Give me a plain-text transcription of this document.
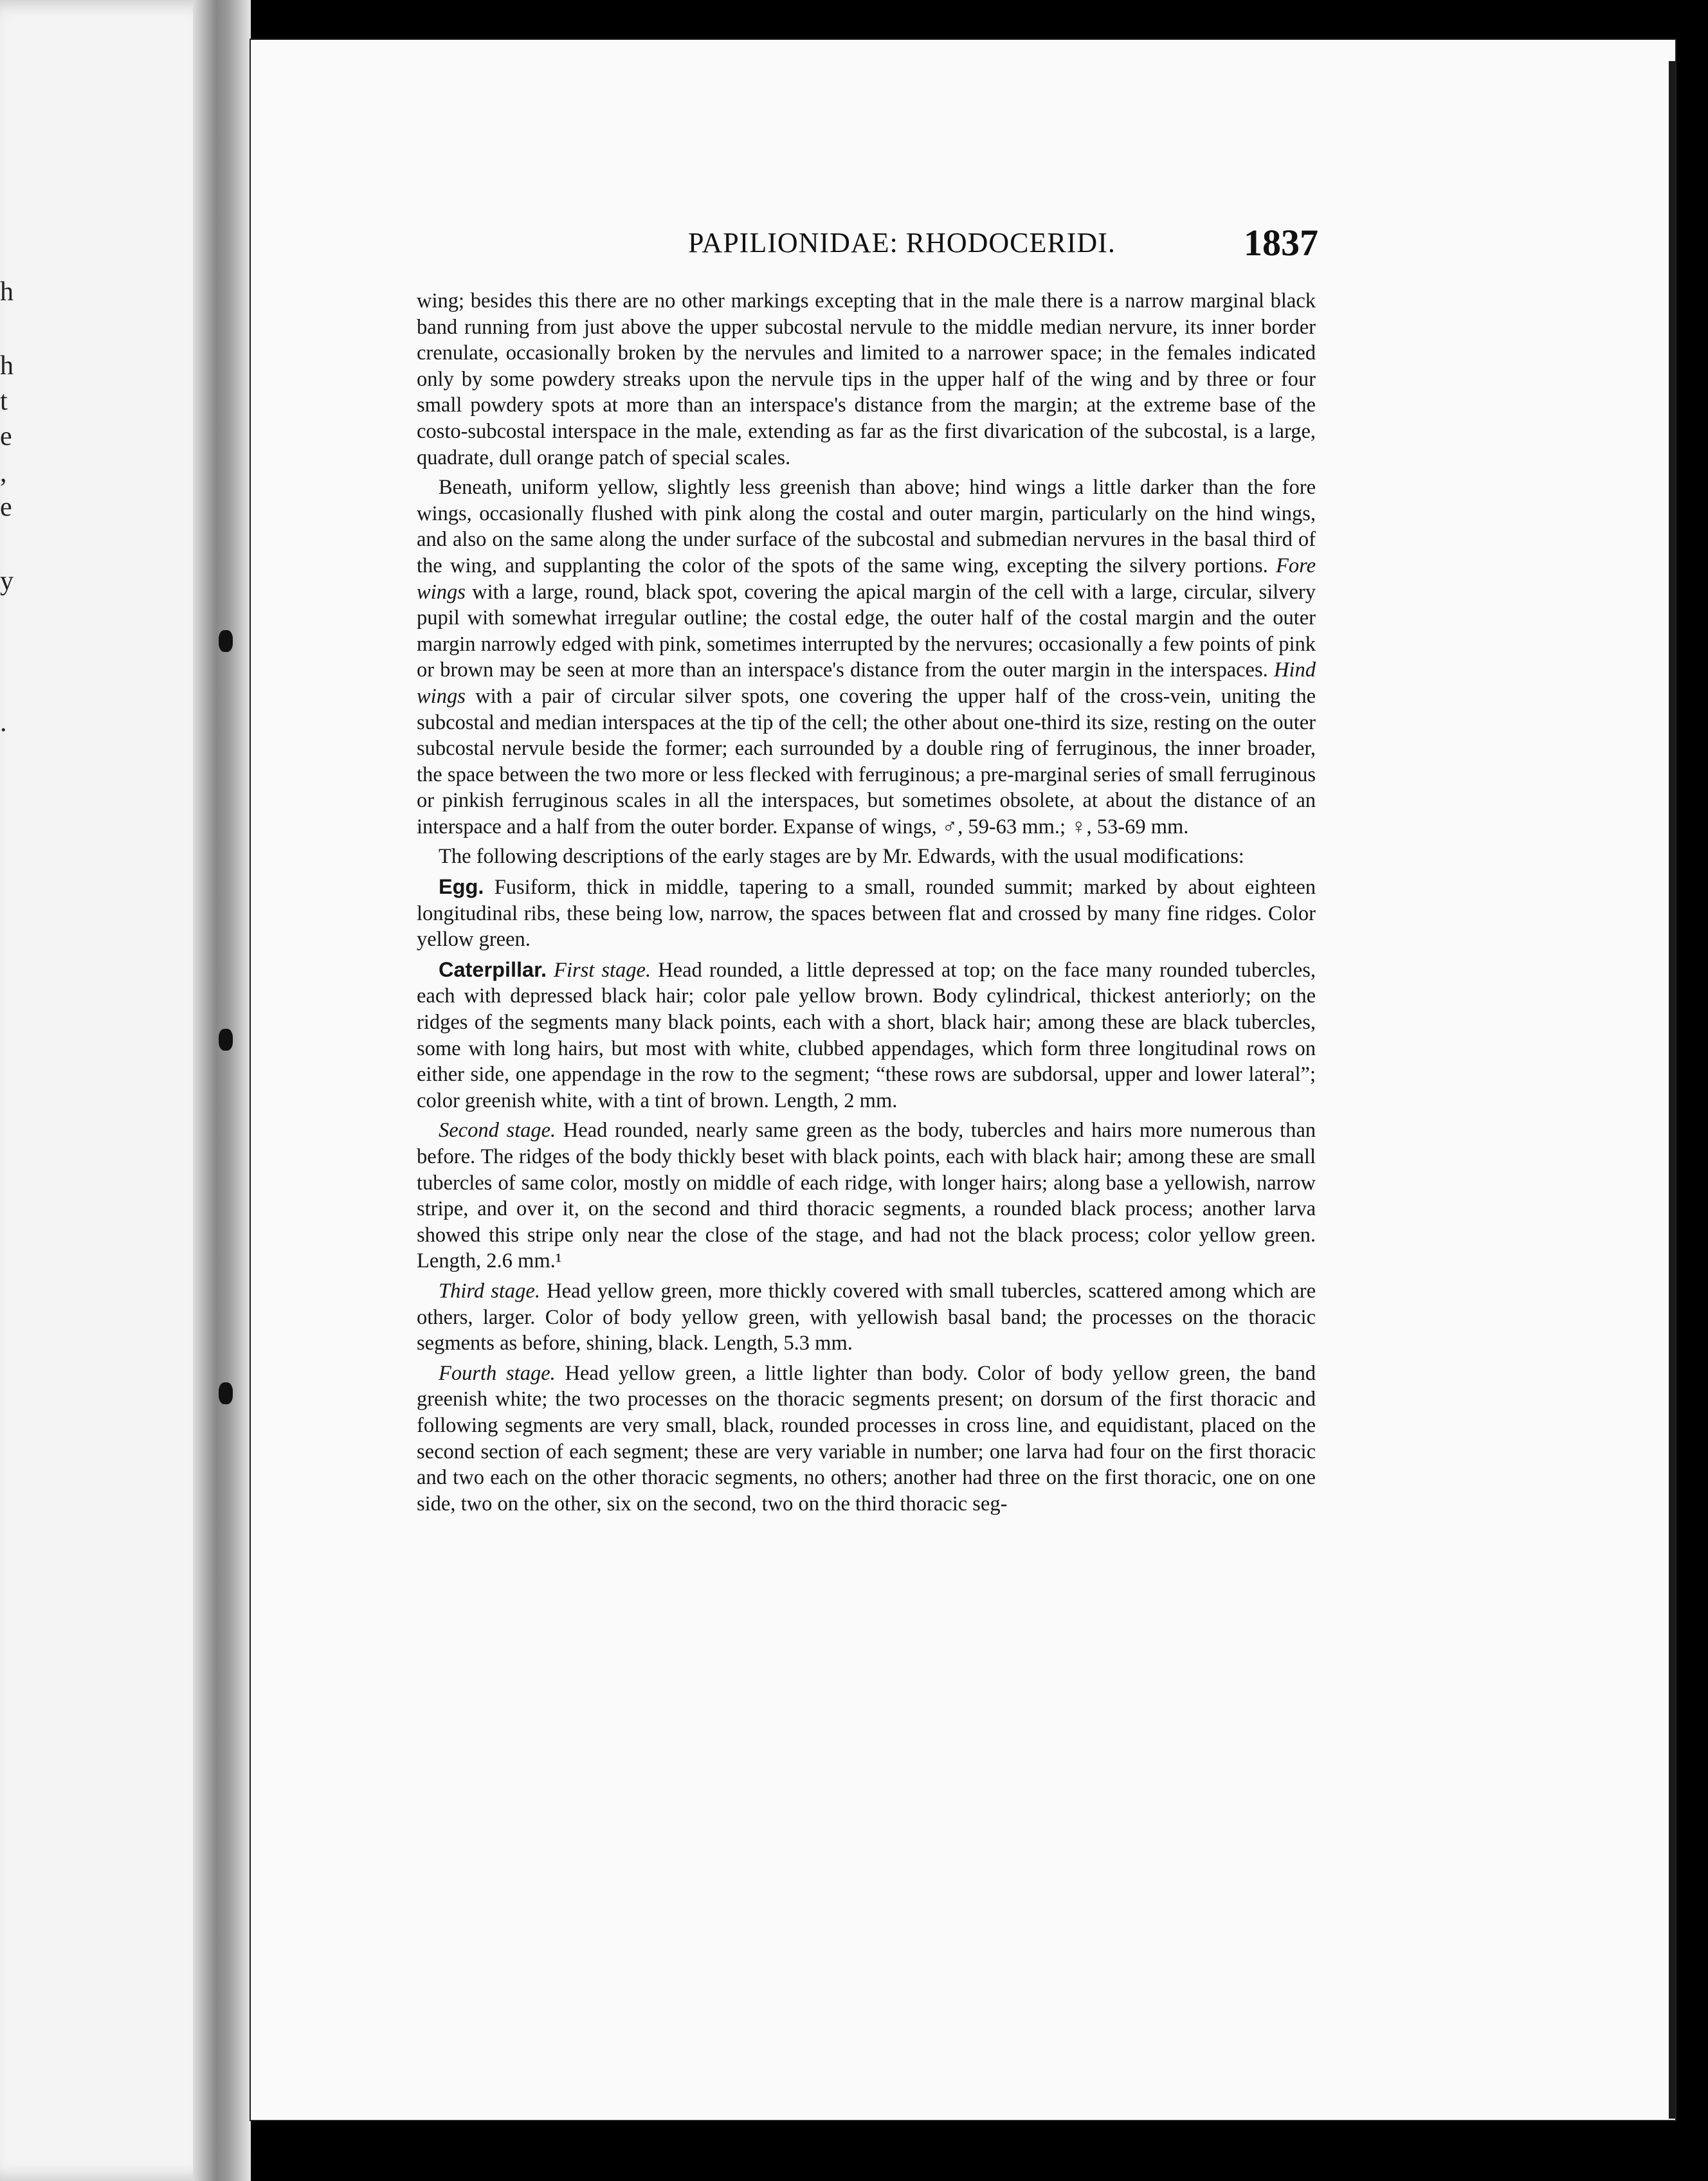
h
h
t
e
,
e
y
.
PAPILIONIDAE: RHODOCERIDI.	1837

wing; besides this there are no other markings excepting that in the male there is a narrow marginal black band running from just above the upper subcostal nervule to the middle median nervure, its inner border crenulate, occasionally broken by the nervules and limited to a narrower space; in the females indicated only by some powdery streaks upon the nervule tips in the upper half of the wing and by three or four small powdery spots at more than an interspace's distance from the margin; at the extreme base of the costo-subcostal interspace in the male, extending as far as the first divarication of the subcostal, is a large, quadrate, dull orange patch of special scales.

Beneath, uniform yellow, slightly less greenish than above; hind wings a little darker than the fore wings, occasionally flushed with pink along the costal and outer margin, particularly on the hind wings, and also on the same along the under surface of the subcostal and submedian nervures in the basal third of the wing, and supplanting the color of the spots of the same wing, excepting the silvery portions. Fore wings with a large, round, black spot, covering the apical margin of the cell with a large, circular, silvery pupil with somewhat irregular outline; the costal edge, the outer half of the costal margin and the outer margin narrowly edged with pink, sometimes interrupted by the nervures; occasionally a few points of pink or brown may be seen at more than an interspace's distance from the outer margin in the interspaces. Hind wings with a pair of circular silver spots, one covering the upper half of the cross-vein, uniting the subcostal and median interspaces at the tip of the cell; the other about one-third its size, resting on the outer subcostal nervule beside the former; each surrounded by a double ring of ferruginous, the inner broader, the space between the two more or less flecked with ferruginous; a pre-marginal series of small ferruginous or pinkish ferruginous scales in all the interspaces, but sometimes obsolete, at about the distance of an interspace and a half from the outer border. Expanse of wings, ♂, 59-63 mm.; ♀, 53-69 mm.

The following descriptions of the early stages are by Mr. Edwards, with the usual modifications:

Egg. Fusiform, thick in middle, tapering to a small, rounded summit; marked by about eighteen longitudinal ribs, these being low, narrow, the spaces between flat and crossed by many fine ridges. Color yellow green.

Caterpillar. First stage. Head rounded, a little depressed at top; on the face many rounded tubercles, each with depressed black hair; color pale yellow brown. Body cylindrical, thickest anteriorly; on the ridges of the segments many black points, each with a short, black hair; among these are black tubercles, some with long hairs, but most with white, clubbed appendages, which form three longitudinal rows on either side, one appendage in the row to the segment; “these rows are subdorsal, upper and lower lateral”; color greenish white, with a tint of brown. Length, 2 mm.

Second stage. Head rounded, nearly same green as the body, tubercles and hairs more numerous than before. The ridges of the body thickly beset with black points, each with black hair; among these are small tubercles of same color, mostly on middle of each ridge, with longer hairs; along base a yellowish, narrow stripe, and over it, on the second and third thoracic segments, a rounded black process; another larva showed this stripe only near the close of the stage, and had not the black process; color yellow green. Length, 2.6 mm.¹

Third stage. Head yellow green, more thickly covered with small tubercles, scattered among which are others, larger. Color of body yellow green, with yellowish basal band; the processes on the thoracic segments as before, shining, black. Length, 5.3 mm.

Fourth stage. Head yellow green, a little lighter than body. Color of body yellow green, the band greenish white; the two processes on the thoracic segments present; on dorsum of the first thoracic and following segments are very small, black, rounded processes in cross line, and equidistant, placed on the second section of each segment; these are very variable in number; one larva had four on the first thoracic and two each on the other thoracic segments, no others; another had three on the first thoracic, one on one side, two on the other, six on the second, two on the third thoracic seg-
